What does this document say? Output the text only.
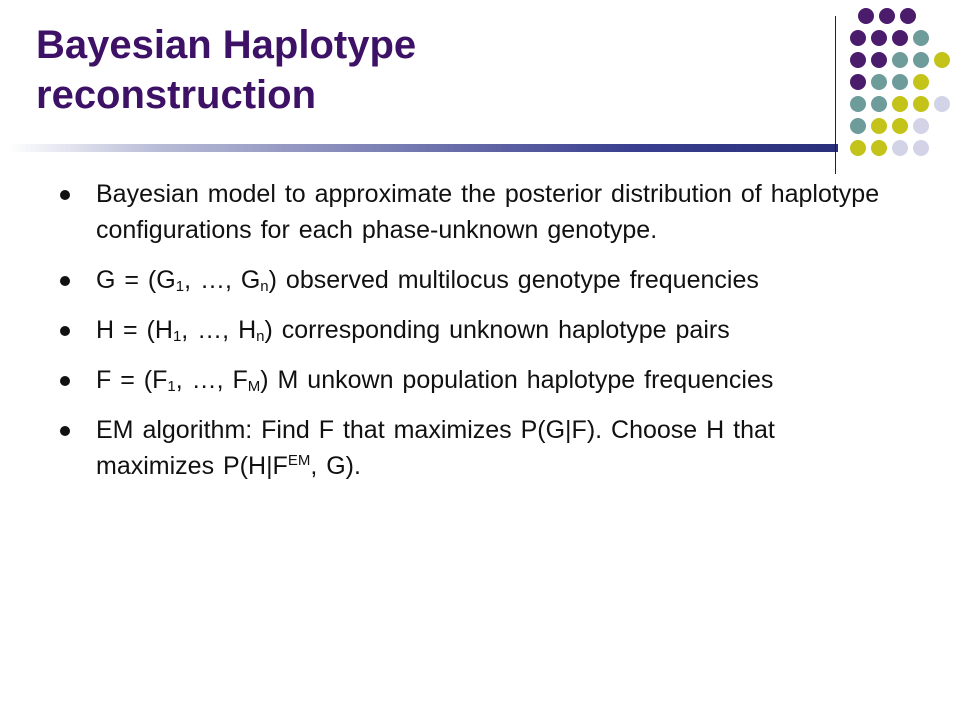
Bayesian Haplotype
reconstruction
Bayesian model to approximate the posterior distribution of haplotype configurations for each phase-unknown genotype.
$G = (G_1$, …, $G_n$) observed multilocus genotype frequencies
$H = (H_1$, …, $H_n$) corresponding unknown haplotype pairs
$F = (F_1$, …, $F_M$) M unkown population haplotype frequencies
EM algorithm: Find F that maximizes P(G|F). Choose H that maximizes $P(H|F^{EM}$, G).
